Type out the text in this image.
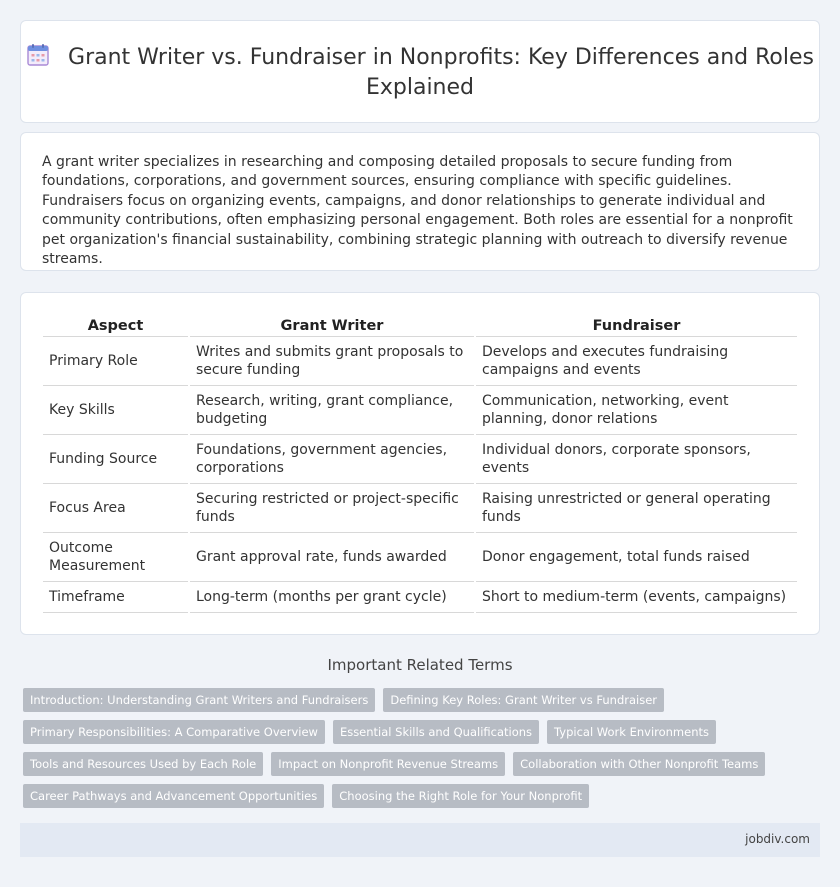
Grant Writer vs. Fundraiser in Nonprofits: Key Differences and Roles Explained

A grant writer specializes in researching and composing detailed proposals to secure funding from foundations, corporations, and government sources, ensuring compliance with specific guidelines. Fundraisers focus on organizing events, campaigns, and donor relationships to generate individual and community contributions, often emphasizing personal engagement. Both roles are essential for a nonprofit pet organization's financial sustainability, combining strategic planning with outreach to diversify revenue streams.

Aspect	Grant Writer	Fundraiser
Primary Role	Writes and submits grant proposals to secure funding	Develops and executes fundraising campaigns and events
Key Skills	Research, writing, grant compliance, budgeting	Communication, networking, event planning, donor relations
Funding Source	Foundations, government agencies, corporations	Individual donors, corporate sponsors, events
Focus Area	Securing restricted or project-specific funds	Raising unrestricted or general operating funds
Outcome Measurement	Grant approval rate, funds awarded	Donor engagement, total funds raised
Timeframe	Long-term (months per grant cycle)	Short to medium-term (events, campaigns)
Important Related Terms
Introduction: Understanding Grant Writers and Fundraisers	Defining Key Roles: Grant Writer vs Fundraiser
Primary Responsibilities: A Comparative Overview	Essential Skills and Qualifications	Typical Work Environments
Tools and Resources Used by Each Role	Impact on Nonprofit Revenue Streams	Collaboration with Other Nonprofit Teams
Career Pathways and Advancement Opportunities	Choosing the Right Role for Your Nonprofit
jobdiv.com
